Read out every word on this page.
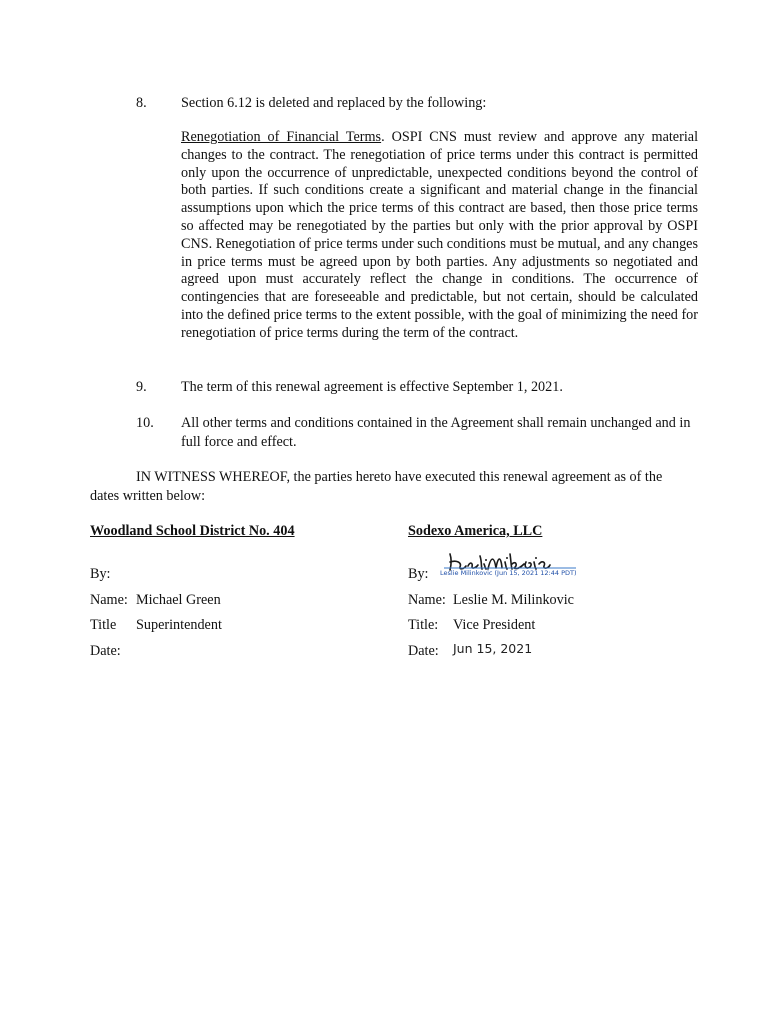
8. Section 6.12 is deleted and replaced by the following:
Renegotiation of Financial Terms. OSPI CNS must review and approve any material changes to the contract. The renegotiation of price terms under this contract is permitted only upon the occurrence of unpredictable, unexpected conditions beyond the control of both parties. If such conditions create a significant and material change in the financial assumptions upon which the price terms of this contract are based, then those price terms so affected may be renegotiated by the parties but only with the prior approval by OSPI CNS. Renegotiation of price terms under such conditions must be mutual, and any changes in price terms must be agreed upon by both parties. Any adjustments so negotiated and agreed upon must accurately reflect the change in conditions. The occurrence of contingencies that are foreseeable and predictable, but not certain, should be calculated into the defined price terms to the extent possible, with the goal of minimizing the need for renegotiation of price terms during the term of the contract.
9. The term of this renewal agreement is effective September 1, 2021.
10. All other terms and conditions contained in the Agreement shall remain unchanged and in full force and effect.
IN WITNESS WHEREOF, the parties hereto have executed this renewal agreement as of the dates written below:
Woodland School District No. 404
By:
Name: Michael Green
Title Superintendent
Date:
Sodexo America, LLC
By: Leslie Milinkovic (Jun 15, 2021 12:44 PDT)
Name: Leslie M. Milinkovic
Title: Vice President
Date: Jun 15, 2021
